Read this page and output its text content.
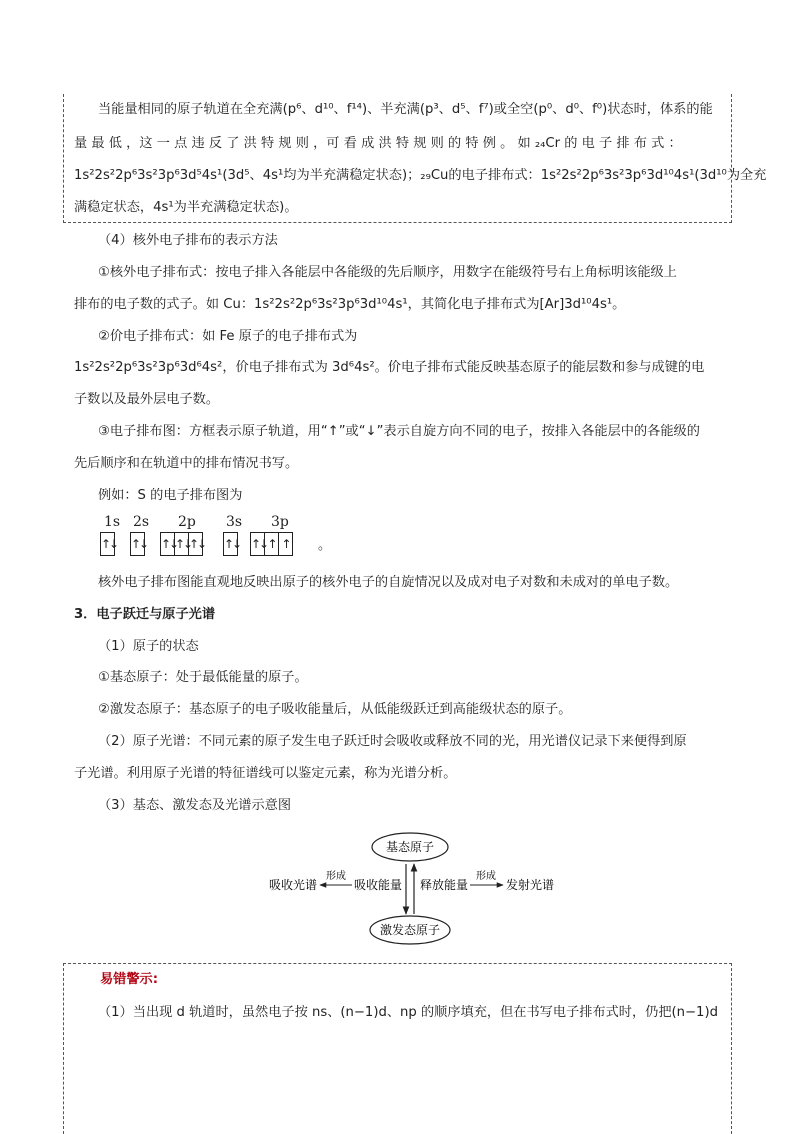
当能量相同的原子轨道在全充满(p⁶、d¹⁰、f¹⁴)、半充满(p³、d⁵、f⁷)或全空(p⁰、d⁰、f⁰)状态时，体系的能
量 最 低 ，这 一 点 违 反 了 洪 特 规 则 ，可 看 成 洪 特 规 则 的 特 例 。 如 ₂₄Cr 的 电 子 排 布 式 ：
1s²2s²2p⁶3s²3p⁶3d⁵4s¹(3d⁵、4s¹均为半充满稳定状态)；₂₉Cu的电子排布式：1s²2s²2p⁶3s²3p⁶3d¹⁰4s¹(3d¹⁰为全充
满稳定状态，4s¹为半充满稳定状态)。
（4）核外电子排布的表示方法
①核外电子排布式：按电子排入各能层中各能级的先后顺序，用数字在能级符号右上角标明该能级上
排布的电子数的式子。如 Cu：1s²2s²2p⁶3s²3p⁶3d¹⁰4s¹，其简化电子排布式为[Ar]3d¹⁰4s¹。
②价电子排布式：如 Fe 原子的电子排布式为
1s²2s²2p⁶3s²3p⁶3d⁶4s²，价电子排布式为 3d⁶4s²。价电子排布式能反映基态原子的能层数和参与成键的电
子数以及最外层电子数。
③电子排布图：方框表示原子轨道，用“↑”或“↓”表示自旋方向不同的电子，按排入各能层中的各能级的
先后顺序和在轨道中的排布情况书写。
例如：S 的电子排布图为
1s 2s 2p 3s 3p
↑↓ ↑↓ ↑↓
↑↓
↑↓ ↑↓ ↑↓ ↑ ↑ 。
核外电子排布图能直观地反映出原子的核外电子的自旋情况以及成对电子对数和未成对的单电子数。
3．电子跃迁与原子光谱
（1）原子的状态
①基态原子：处于最低能量的原子。
②激发态原子：基态原子的电子吸收能量后，从低能级跃迁到高能级状态的原子。
（2）原子光谱：不同元素的原子发生电子跃迁时会吸收或释放不同的光，用光谱仪记录下来便得到原
子光谱。利用原子光谱的特征谱线可以鉴定元素，称为光谱分析。
（3）基态、激发态及光谱示意图
基态原子
激发态原子
吸收能量 释放能量
形成
吸收光谱
形成
发射光谱
易错警示:
（1）当出现 d 轨道时，虽然电子按 ns、(n−1)d、np 的顺序填充，但在书写电子排布式时，仍把(n−1)d
